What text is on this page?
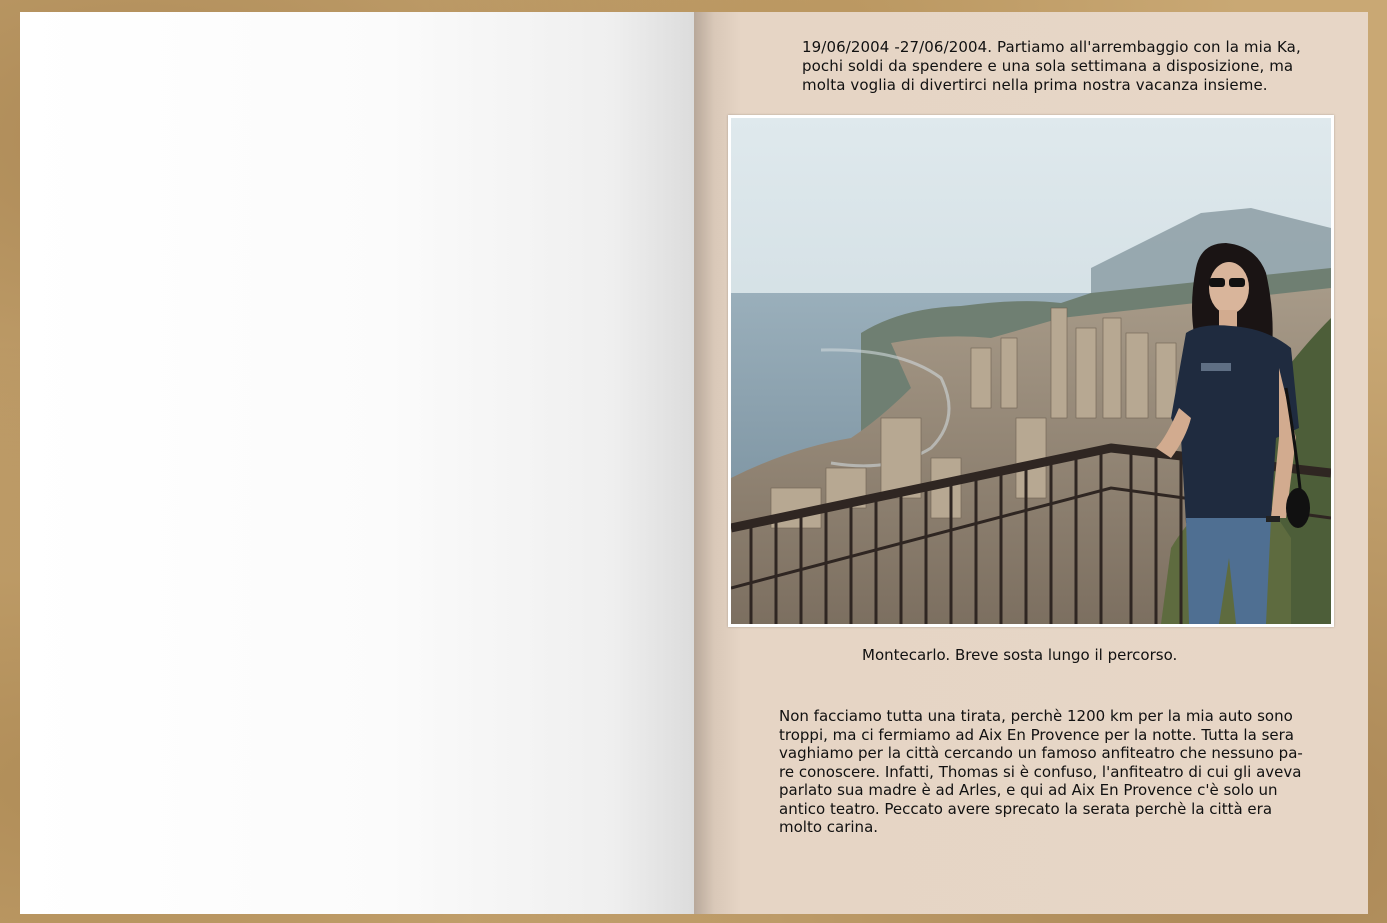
19/06/2004 -27/06/2004. Partiamo all'arrembaggio con la mia Ka, pochi soldi da spendere e una sola settimana a disposizione, ma molta voglia di divertirci nella prima nostra vacanza insieme.
Montecarlo. Breve sosta lungo il percorso.
Non facciamo tutta una tirata, perchè 1200 km per la mia auto sono troppi, ma ci fermiamo ad Aix En Provence per la notte. Tutta la sera vaghiamo per la città cercando un famoso anfiteatro che nessuno pa-re conoscere. Infatti, Thomas si è confuso, l'anfiteatro di cui gli aveva parlato sua madre è ad Arles, e qui ad Aix En Provence c'è solo un antico teatro. Peccato avere sprecato la serata perchè la città era molto carina.
